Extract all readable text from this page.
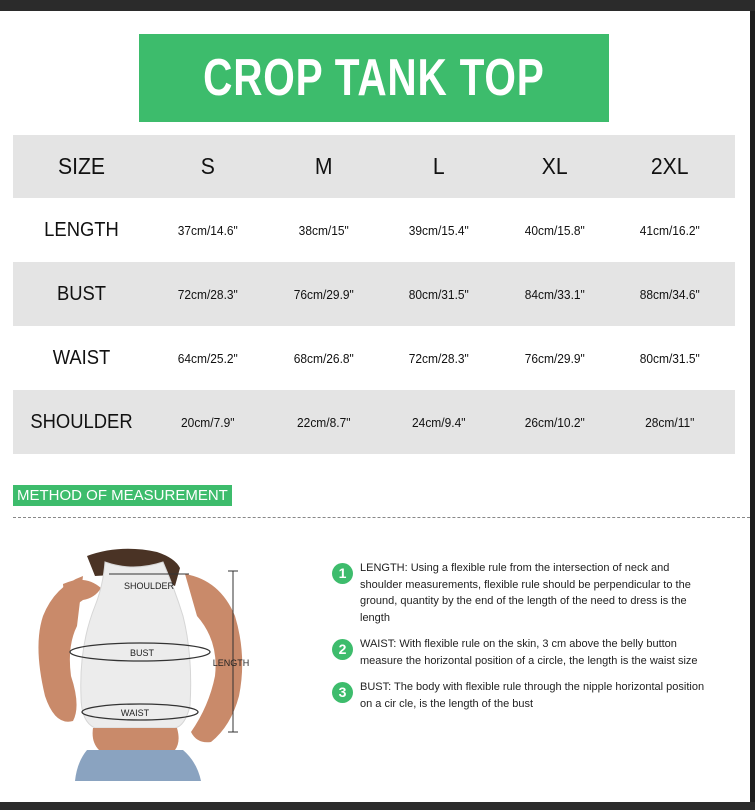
CROP TANK TOP
SIZE	S	M	L	XL	2XL
LENGTH	37cm/14.6"	38cm/15"	39cm/15.4"	40cm/15.8"	41cm/16.2"
BUST	72cm/28.3"	76cm/29.9"	80cm/31.5"	84cm/33.1"	88cm/34.6"
WAIST	64cm/25.2"	68cm/26.8"	72cm/28.3"	76cm/29.9"	80cm/31.5"
SHOULDER	20cm/7.9"	22cm/8.7"	24cm/9.4"	26cm/10.2"	28cm/11"
METHOD OF MEASUREMENT
SHOULDER
BUST
WAIST
LENGTH
1	LENGTH: Using a flexible rule from the intersection of neck and shoulder measurements, flexible rule should be perpendicular to the ground, quantity by the end of the length of the need to dress is the length
2	WAIST: With flexible rule on the skin, 3 cm above the belly button measure the horizontal position of a circle, the length is the waist size
3	BUST: The body with flexible rule through the nipple horizontal position on a cir cle, is the length of the bust
